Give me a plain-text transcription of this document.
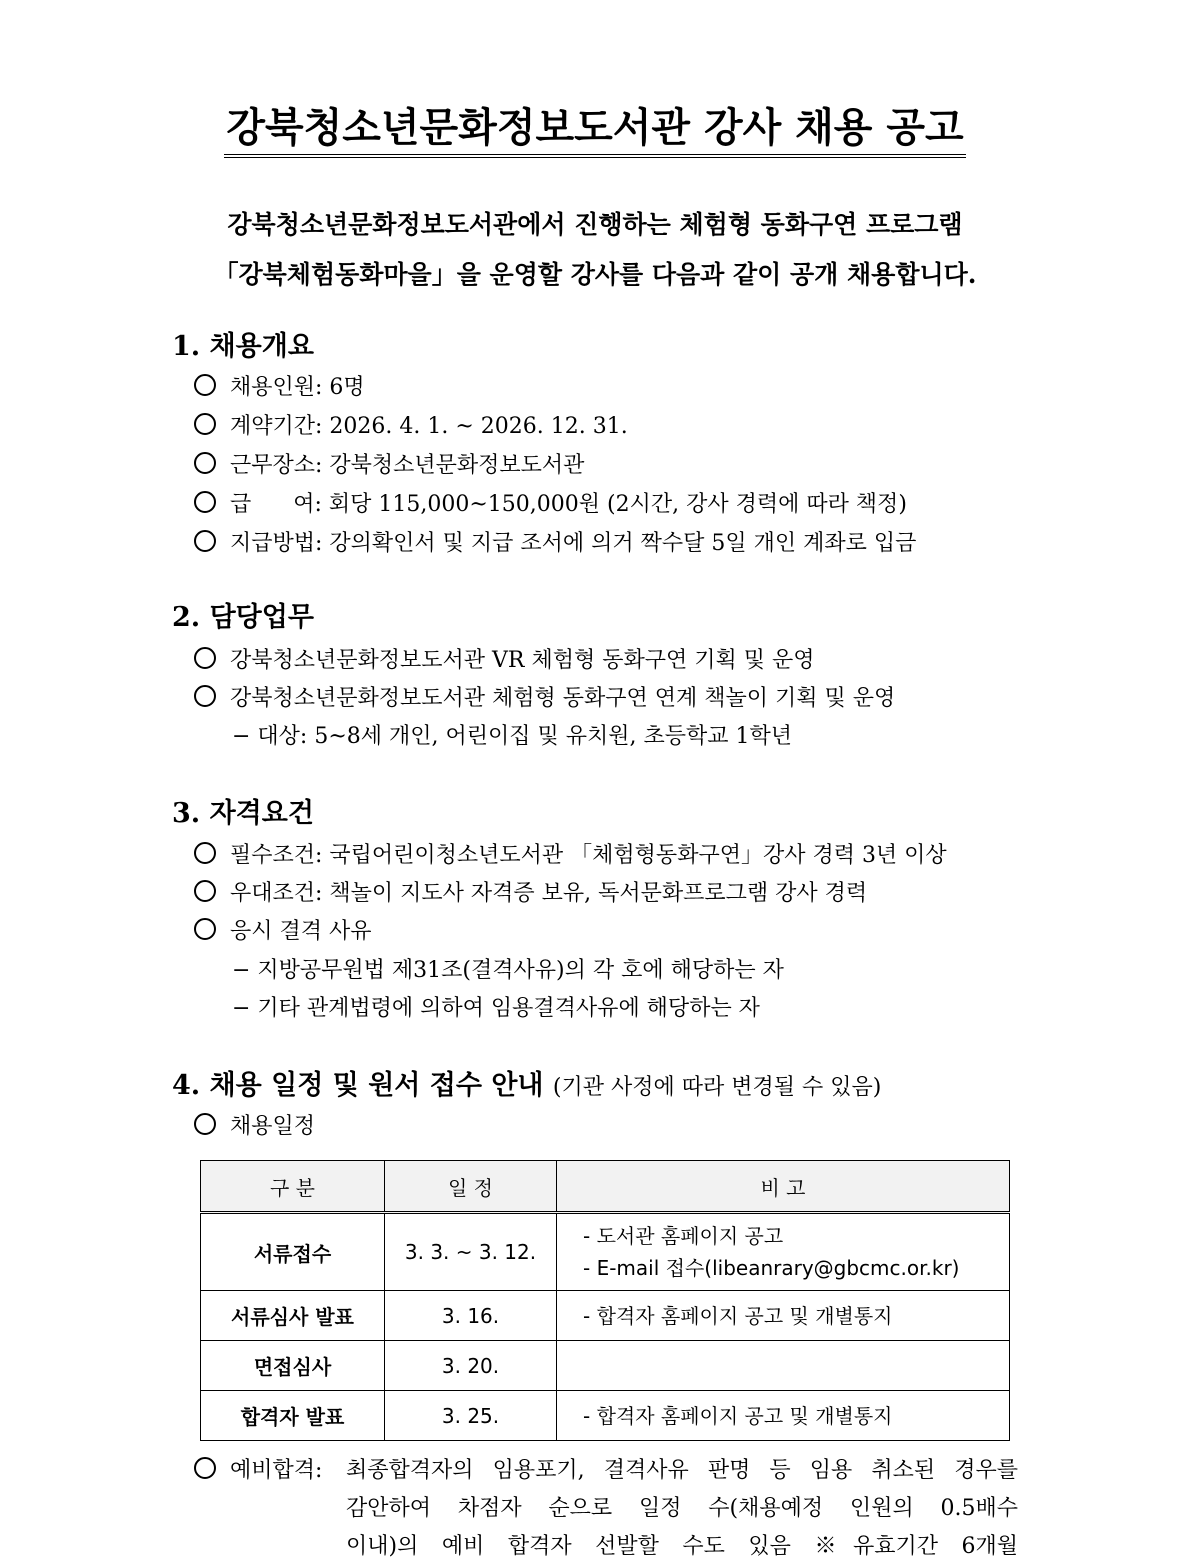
강북청소년문화정보도서관 강사 채용 공고
강북청소년문화정보도서관에서 진행하는 체험형 동화구연 프로그램
「강북체험동화마을」을 운영할 강사를 다음과 같이 공개 채용합니다.
1. 채용개요
채용인원: 6명
계약기간: 2026. 4. 1. ~ 2026. 12. 31.
근무장소: 강북청소년문화정보도서관
급      여: 회당 115,000~150,000원 (2시간, 강사 경력에 따라 책정)
지급방법: 강의확인서 및 지급 조서에 의거 짝수달 5일 개인 계좌로 입금
2. 담당업무
강북청소년문화정보도서관 VR 체험형 동화구연 기획 및 운영
강북청소년문화정보도서관 체험형 동화구연 연계 책놀이 기획 및 운영
− 대상: 5~8세 개인, 어린이집 및 유치원, 초등학교 1학년
3. 자격요건
필수조건: 국립어린이청소년도서관 「체험형동화구연」강사 경력 3년 이상
우대조건: 책놀이 지도사 자격증 보유, 독서문화프로그램 강사 경력
응시 결격 사유
− 지방공무원법 제31조(결격사유)의 각 호에 해당하는 자
− 기타 관계법령에 의하여 임용결격사유에 해당하는 자
4. 채용 일정 및 원서 접수 안내 (기관 사정에 따라 변경될 수 있음)
채용일정
구 분	일 정	비 고
서류접수	3. 3. ~ 3. 12.	- 도서관 홈페이지 공고
- E-mail 접수(libeanrary@gbcmc.or.kr)

서류심사 발표	3. 16.	- 합격자 홈페이지 공고 및 개별통지

면접심사	3. 20.	
합격자 발표	3. 25.	- 합격자 홈페이지 공고 및 개별통지
예비합격: 최종합격자의 임용포기, 결격사유 판명 등 임용 취소된 경우를
감안하여 차점자 순으로 일정 수(채용예정 인원의 0.5배수
이내)의 예비 합격자 선발할 수도 있음 ※유효기간 6개월
